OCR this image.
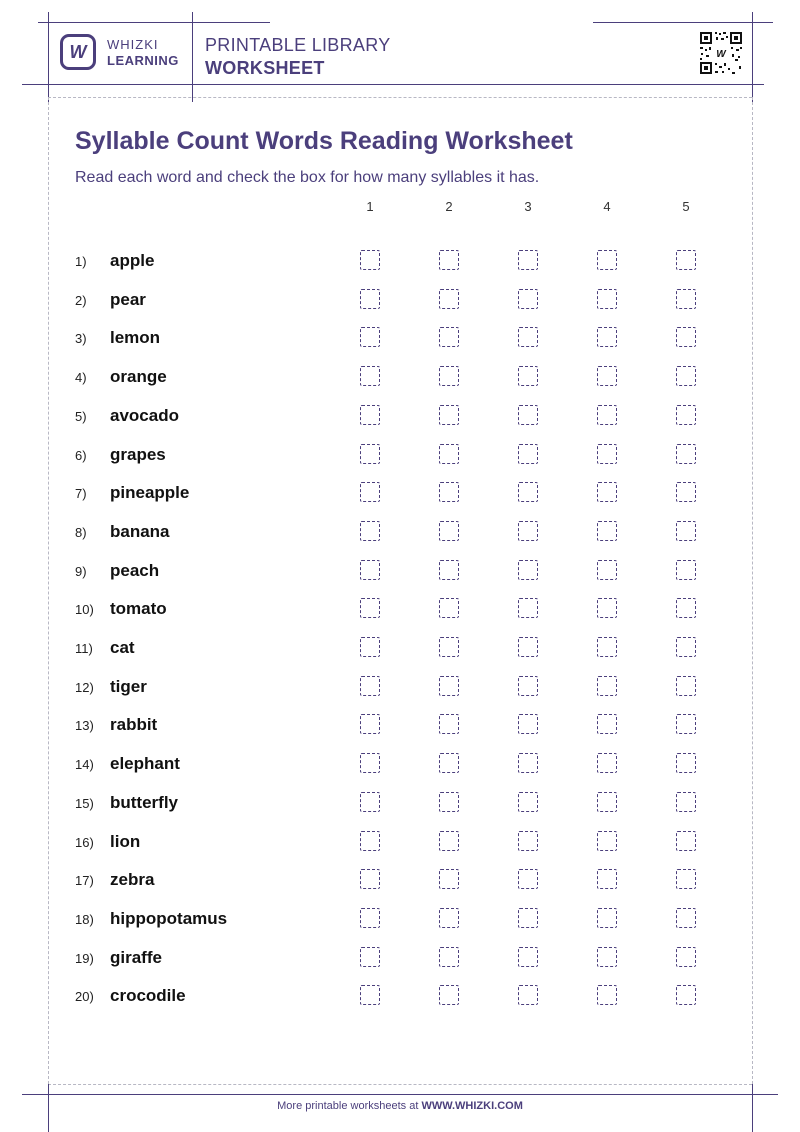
W WHIZKI
LEARNING
PRINTABLE LIBRARY
WORKSHEET
W
Syllable Count Words Reading Worksheet
Read each word and check the box for how many syllables it has.
1	2	3	4	5
1) apple
2) pear
3) lemon
4) orange
5) avocado
6) grapes
7) pineapple
8) banana
9) peach
10) tomato
11) cat
12) tiger
13) rabbit
14) elephant
15) butterfly
16) lion
17) zebra
18) hippopotamus
19) giraffe
20) crocodile
More printable worksheets at WWW.WHIZKI.COM
